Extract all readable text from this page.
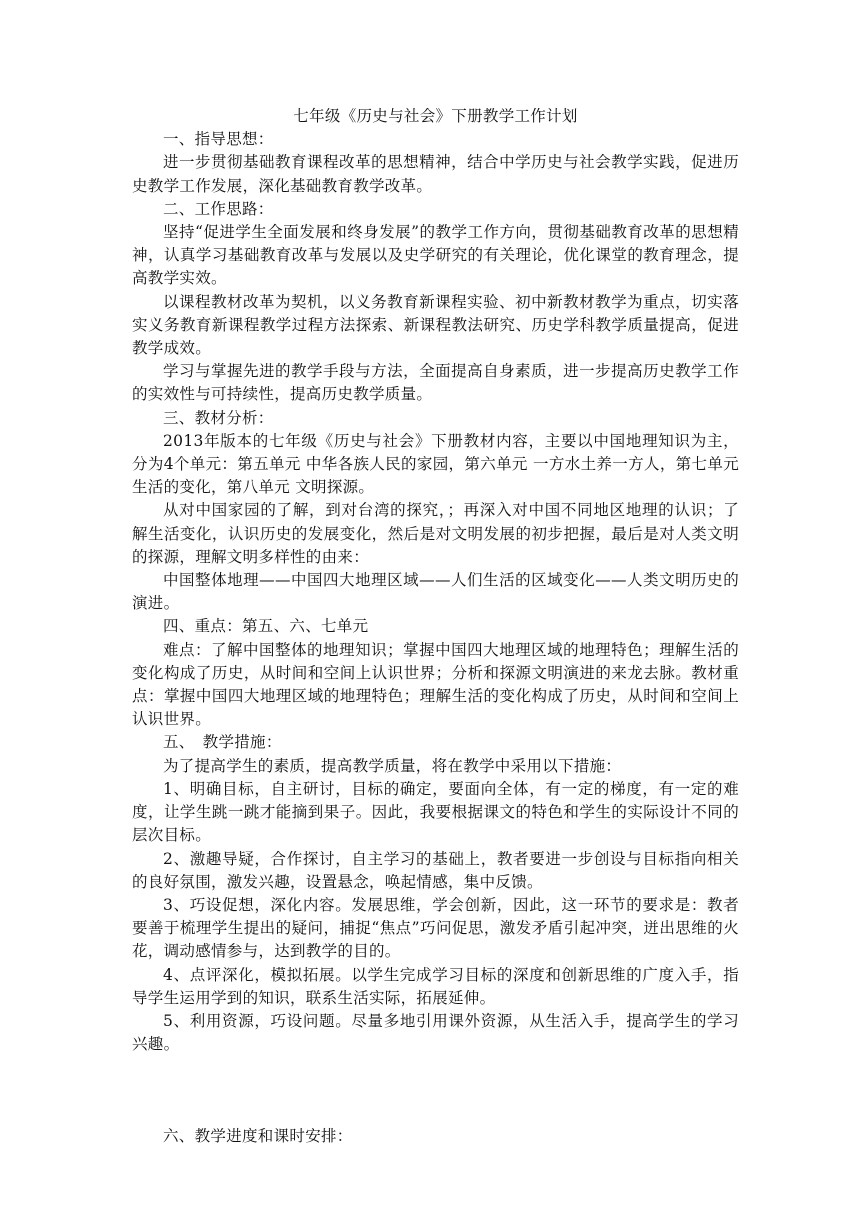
七年级《历史与社会》下册教学工作计划

一、指导思想：

进一步贯彻基础教育课程改革的思想精神，结合中学历史与社会教学实践，促进历史教学工作发展，深化基础教育教学改革。

二、工作思路：

坚持“促进学生全面发展和终身发展”的教学工作方向，贯彻基础教育改革的思想精神，认真学习基础教育改革与发展以及史学研究的有关理论，优化课堂的教育理念，提高教学实效。

以课程教材改革为契机，以义务教育新课程实验、初中新教材教学为重点，切实落实义务教育新课程教学过程方法探索、新课程教法研究、历史学科教学质量提高，促进教学成效。

学习与掌握先进的教学手段与方法，全面提高自身素质，进一步提高历史教学工作的实效性与可持续性，提高历史教学质量。

三、教材分析：

2013年版本的七年级《历史与社会》下册教材内容，主要以中国地理知识为主，分为4个单元：第五单元 中华各族人民的家园，第六单元 一方水土养一方人，第七单元 生活的变化，第八单元 文明探源。

从对中国家园的了解，到对台湾的探究，；再深入对中国不同地区地理的认识；了解生活变化，认识历史的发展变化，然后是对文明发展的初步把握，最后是对人类文明的探源，理解文明多样性的由来：

中国整体地理——中国四大地理区域——人们生活的区域变化——人类文明历史的演进。

四、重点：第五、六、七单元

难点：了解中国整体的地理知识；掌握中国四大地理区域的地理特色；理解生活的变化构成了历史，从时间和空间上认识世界；分析和探源文明演进的来龙去脉。教材重点：掌握中国四大地理区域的地理特色；理解生活的变化构成了历史，从时间和空间上认识世界。

五、　教学措施：

为了提高学生的素质，提高教学质量，将在教学中采用以下措施：

1、明确目标，自主研讨，目标的确定，要面向全体，有一定的梯度，有一定的难度，让学生跳一跳才能摘到果子。因此，我要根据课文的特色和学生的实际设计不同的层次目标。

2、激趣导疑，合作探讨，自主学习的基础上，教者要进一步创设与目标指向相关的良好氛围，激发兴趣，设置悬念，唤起情感，集中反馈。

3、巧设促想，深化内容。发展思维，学会创新，因此，这一环节的要求是：教者要善于梳理学生提出的疑问，捕捉“焦点”巧问促思，激发矛盾引起冲突，迸出思维的火花，调动感情参与，达到教学的目的。

4、点评深化，模拟拓展。以学生完成学习目标的深度和创新思维的广度入手，指导学生运用学到的知识，联系生活实际，拓展延伸。

5、利用资源，巧设问题。尽量多地引用课外资源，从生活入手，提高学生的学习兴趣。

六、教学进度和课时安排：
